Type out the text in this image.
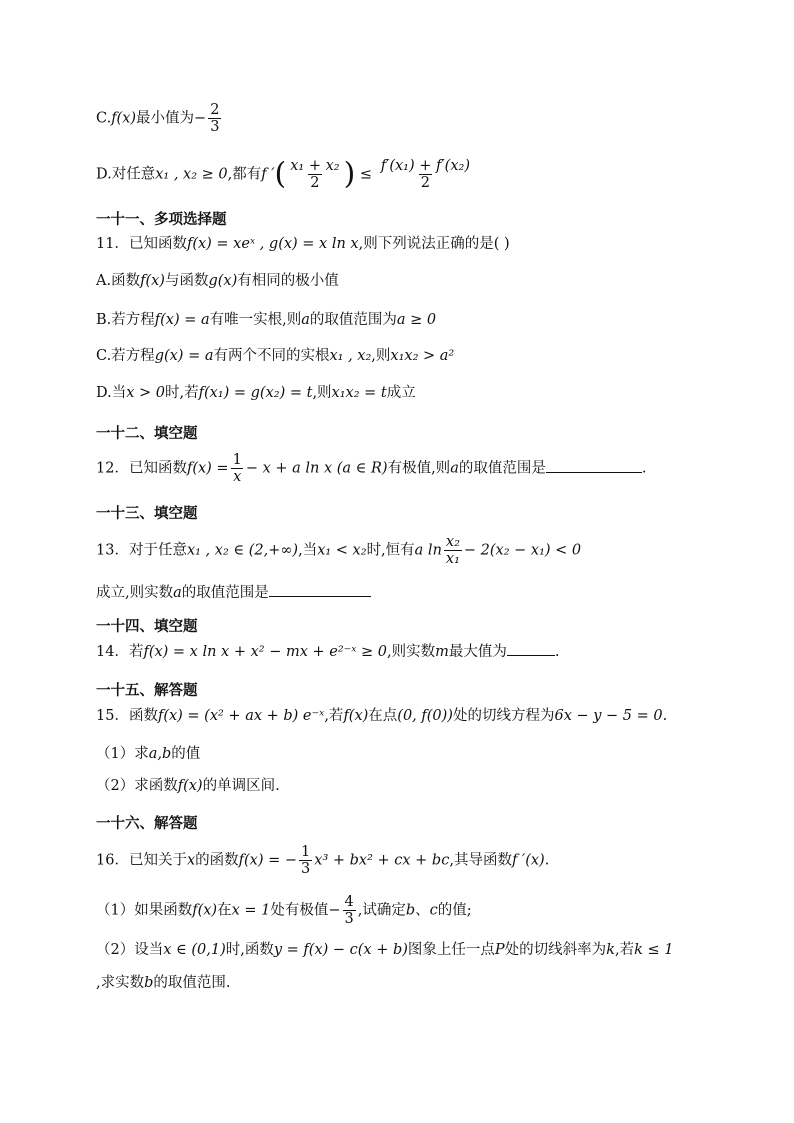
C.f(x)最小值为− $\frac{2}{3}$
D.对任意x₁ , x₂ ≥ 0,都有f ′( $\frac{\text{x₁ + x₂}}{2}$ ) ≤ $\frac{\text{f′(x₁) + f′(x₂)}}{2}$
一十一、多项选择题
11．已知函数f(x) = xeˣ , g(x) = x ln x,则下列说法正确的是( )
A.函数f(x)与函数g(x)有相同的极小值
B.若方程f(x) = a有唯一实根,则a的取值范围为a ≥ 0
C.若方程g(x) = a有两个不同的实根x₁ , x₂,则x₁x₂ > a²
D.当x > 0时,若f(x₁) = g(x₂) = t,则x₁x₂ = t成立
一十二、填空题
12．已知函数$f(x) = \frac{1}{x} - x + a$ ln x (a ∈ R)有极值,则a的取值范围是	.
一十三、填空题
13．对于任意x₁ , x₂ ∈ (2,+∞),当x₁ < x₂时,恒有a $\ln \frac{\text{x₂}}{\text{x₁}} - 2(x_2 - x_1) < 0$
成立,则实数a的取值范围是
一十四、填空题
14．若f(x) = x ln x + x² − mx + e²⁻ˣ ≥ 0,则实数m最大值为	.
一十五、解答题
15．函数f(x) = (x² + ax + b) e⁻ˣ,若f(x)在点(0, f(0))处的切线方程为6x − y − 5 = 0.
（1）求a,b的值
（2）求函数f(x)的单调区间.
一十六、解答题
16．已知关于x的函数f(x) = − $\frac{1}{3} x^3 + bx^2$ + cx + bc,其导函数f ′(x).
（1）如果函数f(x)在x = 1处有极值− $\frac{4}{3}$ ,试确定b、c的值;
（2）设当x ∈ (0,1)时,函数y = f(x) − c(x + b)图象上任一点P处的切线斜率为k,若k ≤ 1
,求实数b的取值范围.
